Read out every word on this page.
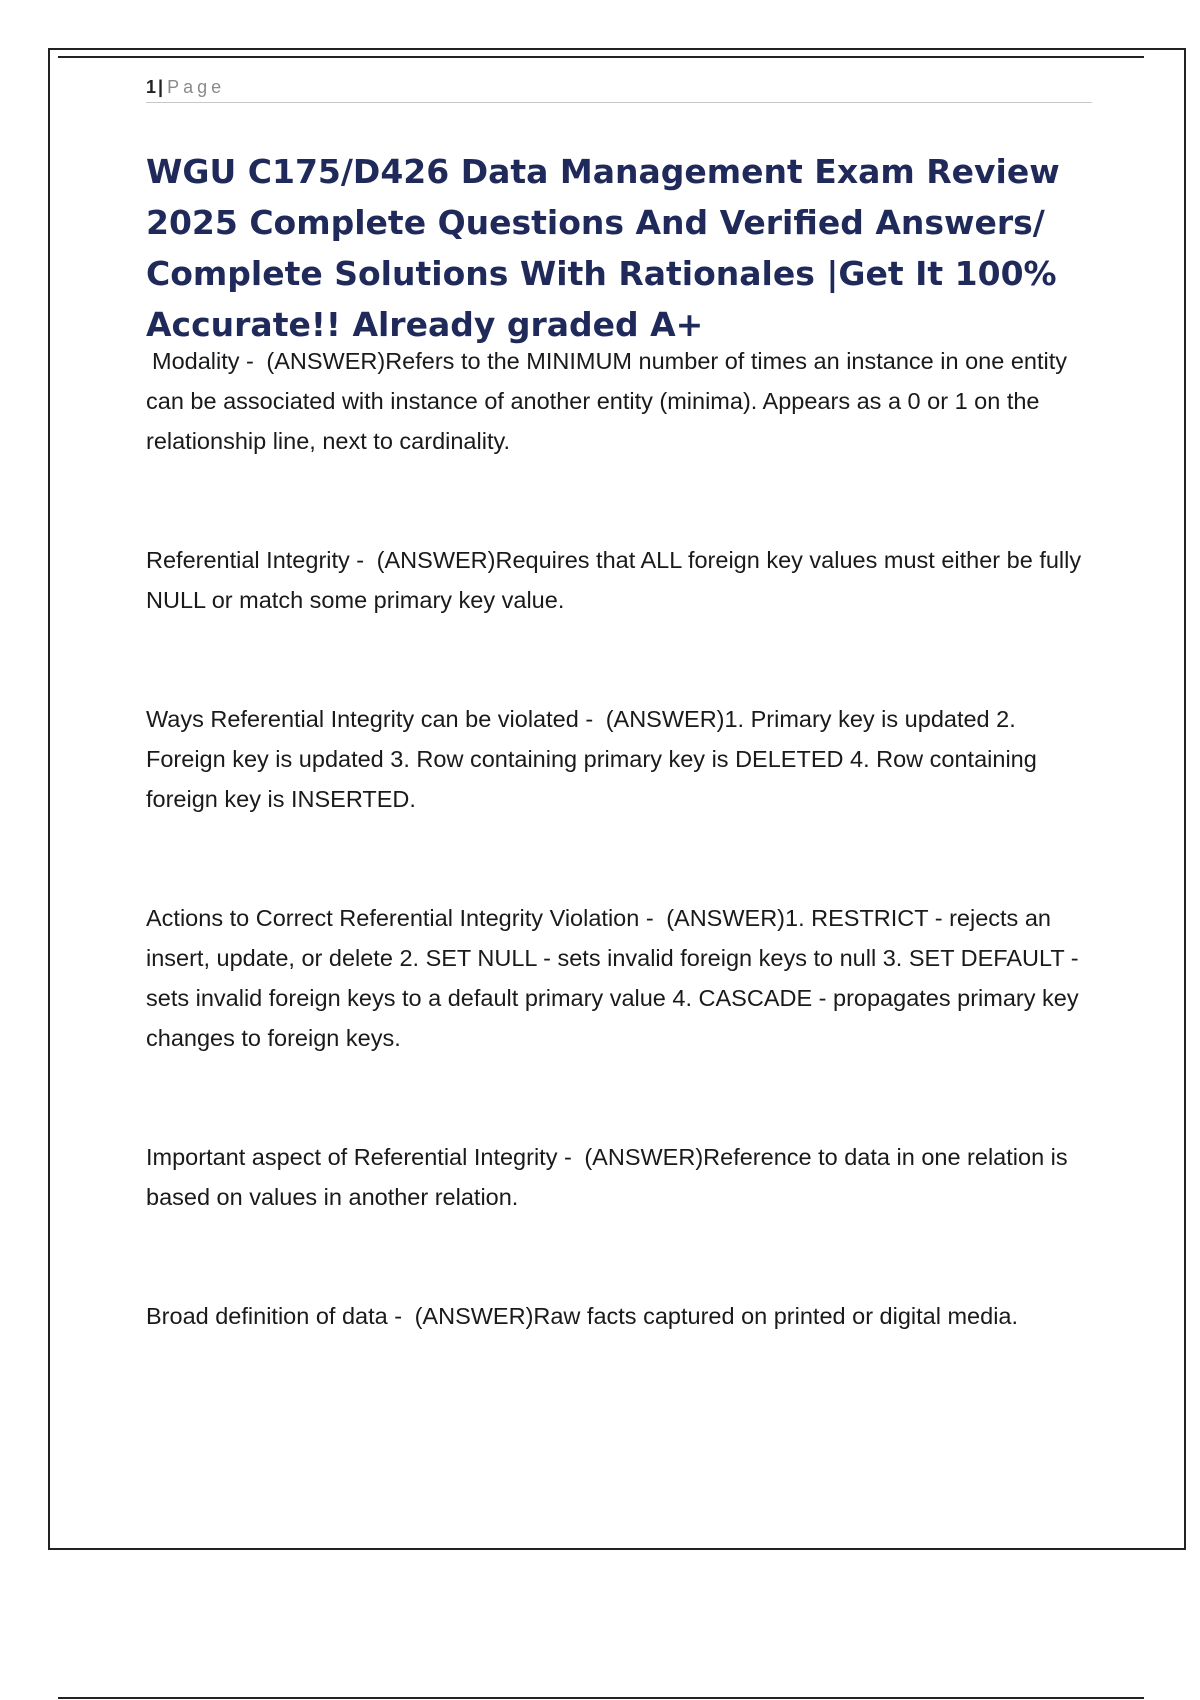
1 | Page
WGU C175/D426 Data Management Exam Review 2025 Complete Questions And Verified Answers/ Complete Solutions With Rationales |Get It 100% Accurate!! Already graded A+

Modality - (ANSWER)Refers to the MINIMUM number of times an instance in one entity can be associated with instance of another entity (minima). Appears as a 0 or 1 on the relationship line, next to cardinality.

Referential Integrity - (ANSWER)Requires that ALL foreign key values must either be fully NULL or match some primary key value.

Ways Referential Integrity can be violated - (ANSWER)1. Primary key is updated 2. Foreign key is updated 3. Row containing primary key is DELETED 4. Row containing foreign key is INSERTED.

Actions to Correct Referential Integrity Violation - (ANSWER)1. RESTRICT - rejects an insert, update, or delete 2. SET NULL - sets invalid foreign keys to null 3. SET DEFAULT - sets invalid foreign keys to a default primary value 4. CASCADE - propagates primary key changes to foreign keys.

Important aspect of Referential Integrity - (ANSWER)Reference to data in one relation is based on values in another relation.

Broad definition of data - (ANSWER)Raw facts captured on printed or digital media.
